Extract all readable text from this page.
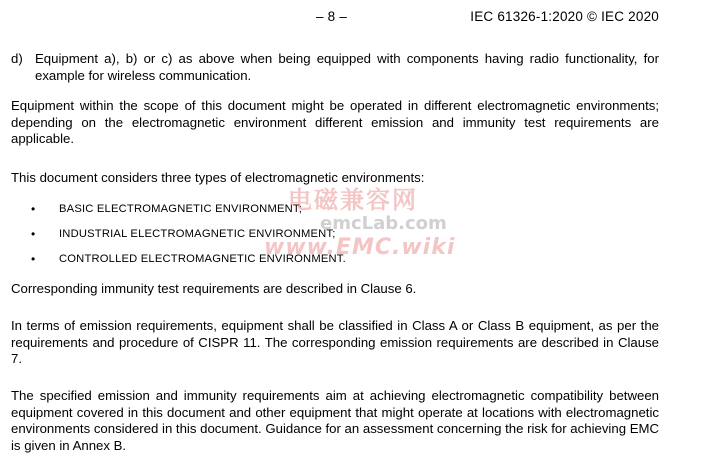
– 8 –	IEC 61326-1:2020 © IEC 2020
d) Equipment a), b) or c) as above when being equipped with components having radio functionality, for example for wireless communication.
Equipment within the scope of this document might be operated in different electromagnetic environments; depending on the electromagnetic environment different emission and immunity test requirements are applicable.
This document considers three types of electromagnetic environments:
• BASIC ELECTROMAGNETIC ENVIRONMENT;
• INDUSTRIAL ELECTROMAGNETIC ENVIRONMENT;
• CONTROLLED ELECTROMAGNETIC ENVIRONMENT.
Corresponding immunity test requirements are described in Clause 6.
In terms of emission requirements, equipment shall be classified in Class A or Class B equipment, as per the requirements and procedure of CISPR 11. The corresponding emission requirements are described in Clause 7.
The specified emission and immunity requirements aim at achieving electromagnetic compatibility between equipment covered in this document and other equipment that might operate at locations with electromagnetic environments considered in this document. Guidance for an assessment concerning the risk for achieving EMC is given in Annex B.
电磁兼容网
emcLab.com
www.EMC.wiki
